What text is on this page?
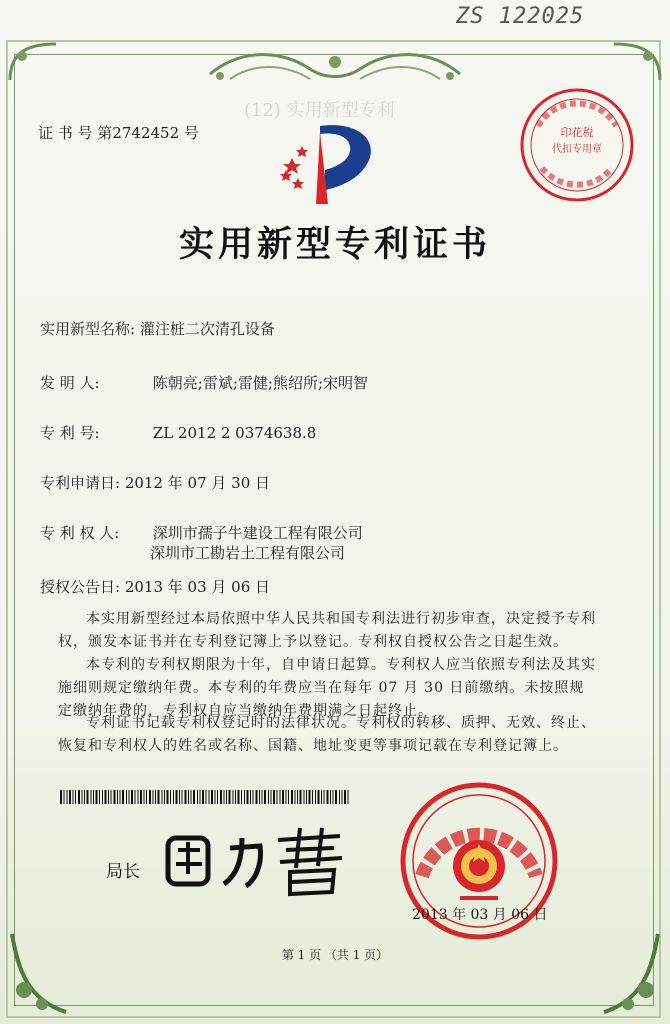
ZS 122025
(12) 实用新型专利
证 书 号 第2742452 号	印花税
代扣专用章
实用新型专利证书
实用新型名称: 灌注桩二次清孔设备
发 明 人:	陈朝亮;雷斌;雷健;熊绍所;宋明智
专 利 号:	ZL 2012 2 0374638.8
专利申请日: 2012 年 07 月 30 日
专 利 权 人: 深圳市孺子牛建设工程有限公司
深圳市工勘岩土工程有限公司
授权公告日: 2013 年 03 月 06 日
本实用新型经过本局依照中华人民共和国专利法进行初步审查，决定授予专利权，颁发本证书并在专利登记簿上予以登记。专利权自授权公告之日起生效。
本专利的专利权期限为十年，自申请日起算。专利权人应当依照专利法及其实施细则规定缴纳年费。本专利的年费应当在每年 07 月 30 日前缴纳。未按照规定缴纳年费的，专利权自应当缴纳年费期满之日起终止。
专利证书记载专利权登记时的法律状况。专利权的转移、质押、无效、终止、恢复和专利权人的姓名或名称、国籍、地址变更等事项记载在专利登记簿上。
局长
2013 年 03 月 06 日
第 1 页 （共 1 页）
